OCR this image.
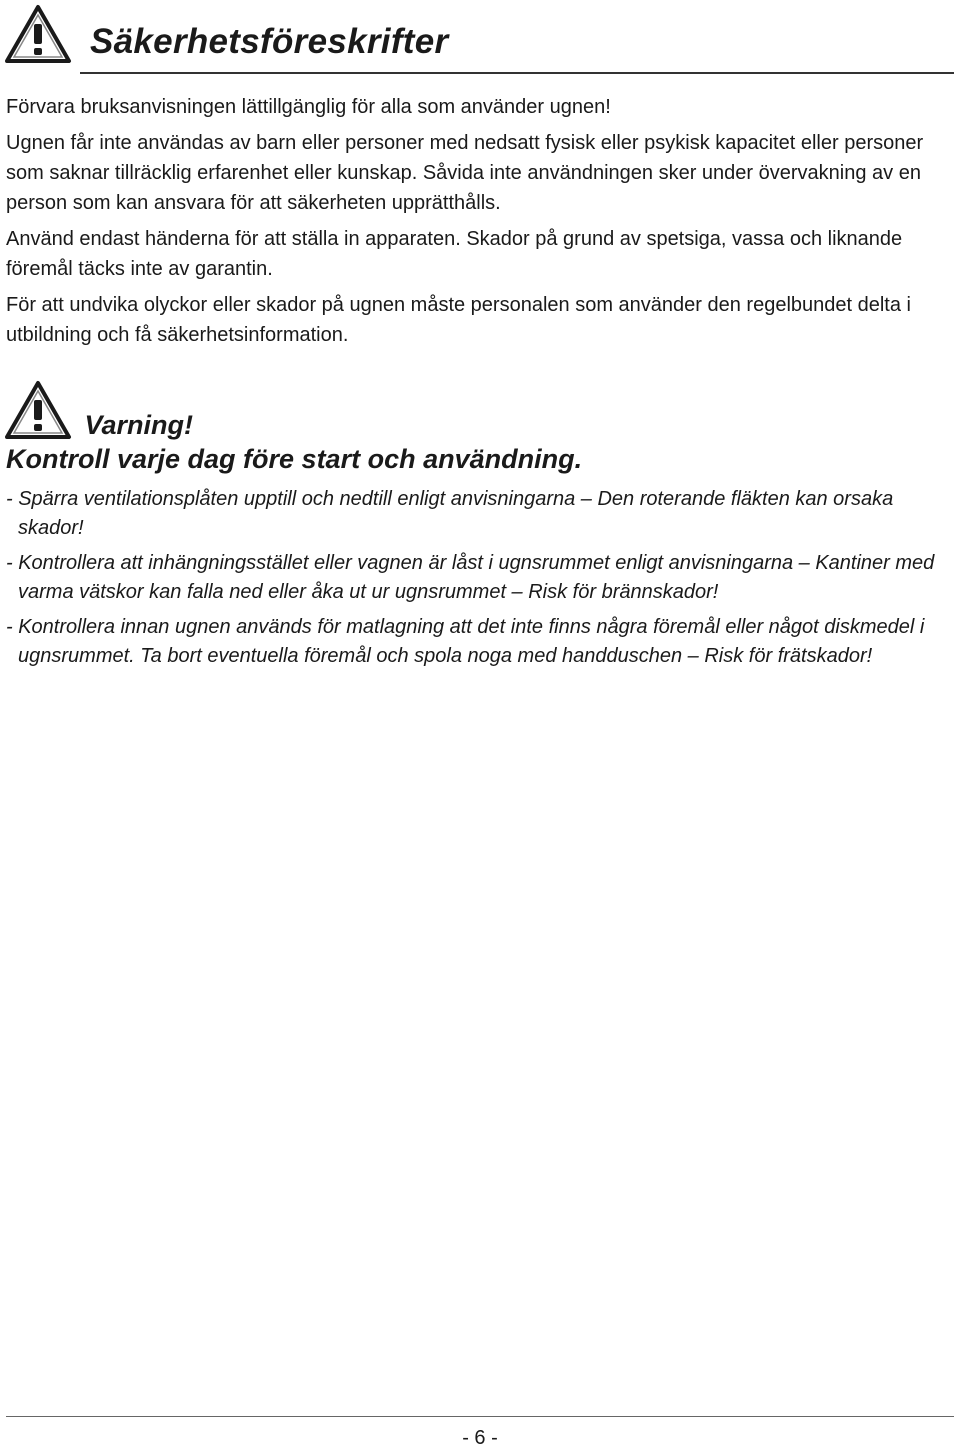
Säkerhetsföreskrifter

Förvara bruksanvisningen lättillgänglig för alla som använder ugnen!

Ugnen får inte användas av barn eller personer med nedsatt fysisk eller psykisk kapacitet eller personer som saknar tillräcklig erfarenhet eller kunskap. Såvida inte användningen sker under övervakning av en person som kan ansvara för att säkerheten upprätthålls.

Använd endast händerna för att ställa in apparaten. Skador på grund av spetsiga, vassa och liknande föremål täcks inte av garantin.

För att undvika olyckor eller skador på ugnen måste personalen som använder den regelbundet delta i utbildning och få säkerhetsinformation.

Varning!
Kontroll varje dag före start och användning.
- Spärra ventilationsplåten upptill och nedtill enligt anvisningarna – Den roterande fläkten kan orsaka skador!
- Kontrollera att inhängningsstället eller vagnen är låst i ugnsrummet enligt anvisningarna – Kantiner med varma vätskor kan falla ned eller åka ut ur ugnsrummet – Risk för brännskador!
- Kontrollera innan ugnen används för matlagning att det inte finns några föremål eller något diskmedel i ugnsrummet. Ta bort eventuella föremål och spola noga med handduschen – Risk för frätskador!
- 6 -
